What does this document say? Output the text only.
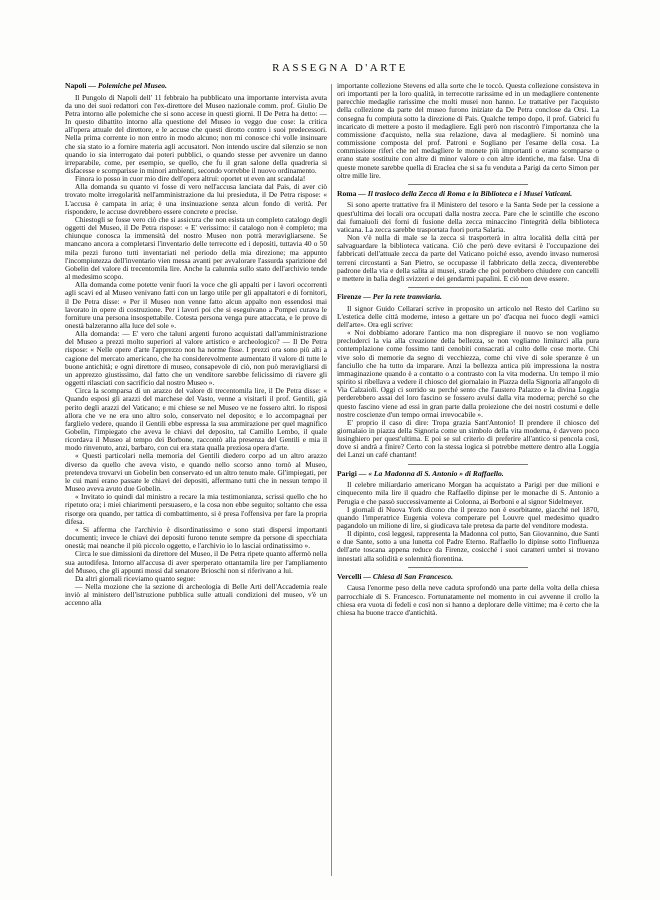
RASSEGNA D'ARTE
Napoli — Polemiche pel Museo.

Il Pungolo di Napoli dell' 11 febbraio ha pubblicato una importante intervista avuta da uno dei suoi redattori con l'ex-direttore del Museo nazionale comm. prof. Giulio De Petra intorno alle polemiche che si sono accese in questi giorni. Il De Petra ha detto: — In questo dibattito intorno alla questione del Museo io veggo due cose: la critica all'opera attuale del direttore, e le accuse che questi dirotto contro i suoi predecessori. Nella prima corrente io non entro in modo alcuno; non mi conosce chi volle insinuare che sia stato io a fornire materia agli accusatori. Non intendo uscire dal silenzio se non quando io sia interrogato dai poteri pubblici, o quando stesse per avvenire un danno irreparabile, come, per esempio, se quello, che fu il gran salone della quadreria si disfacesse e scomparisse in minori ambienti, secondo vorrebbe il nuovo ordinamento.

Finora io posso in cuor mio dire dell'opera altrui: oportet ut even ant scandala!

Alla domanda su quanto vi fosse di vero nell'accusa lanciata dal Pais, di aver ciò trovato molte irregolarità nell'amministrazione da lui presieduta, il De Petra rispose: « L'accusa è campata in aria; è una insinuazione senza alcun fondo di verità. Per rispondere, le accuse dovrebbero essere concrete e precise.

Chiestogli se fosse vero ciò che si assicura che non esista un completo catalogo degli oggetti del Museo, il De Petra rispose: « E' verissimo: il catalogo non è completo; ma chiunque conosca la immensità del nostro Museo non potrà meravigliarsene. Se mancano ancora a completarsi l'inventario delle terrecotte ed i depositi, tuttavia 40 o 50 mila pezzi furono tutti inventariati nel periodo della mia direzione; ma appunto l'incompiutezza dell'inventario vien messa avanti per avvalorare l'assurda sparizione del Gobelin del valore di trecentomila lire. Anche la calunnia sullo stato dell'archivio tende al medesimo scopo.

Alla domanda come potette venir fuori la voce che gli appalti per i lavori occorrenti agli scavi ed al Museo venivano fatti con un largo utile per gli appaltatori e di fornitori, il De Petra disse: « Per il Museo non venne fatto alcun appalto non essendosi mai lavorato in opere di costruzione. Per i lavori poi che si eseguivano a Pompei curava le forniture una persona insospettabile. Cotesta persona venga pure attaccata, e le prove di onestà balzeranno alla luce del sole ».

Alla domanda: — E' vero che taluni argenti furono acquistati dall'amministrazione del Museo a prezzi molto superiori al valore artistico e archeologico? — Il De Petra rispose: « Nelle opere d'arte l'apprezzo non ha norme fisse. I prezzi ora sono più alti a cagione del mercato americano, che ha considerevolmente aumentato il valore di tutte le buone antichità; e ogni direttore di museo, consapevole di ciò, non può meravigliarsi di un apprezzo giustissimo, dal fatto che un venditore sarebbe felicissimo di riavere gli oggetti rilasciati con sacrificio dal nostro Museo ».

Circa la scomparsa di un arazzo del valore di trecentomila lire, il De Petra disse: « Quando esposi gli arazzi del marchese del Vasto, venne a visitarli il prof. Gentili, già perito degli arazzi del Vaticano; e mi chiese se nel Museo ve ne fossero altri. Io risposi allora che ve ne era uno altro solo, conservato nel deposito; e lo accompagnai per farglielo vedere, quando il Gentili ebbe espressa la sua ammirazione per quel magnifico Gobelin, l'impiegato che aveva le chiavi del deposito, tal Camillo Lembo, il quale ricordava il Museo al tempo dei Borbone, raccontò alla presenza del Gentili e mia il modo rinvenuto, anzi, barbaro, con cui era stata qualla preziosa opera d'arte.

« Questi particolari nella memoria del Gentili diedero corpo ad un altro arazzo diverso da quello che aveva visto, e quando nello scorso anno tornò al Museo, pretendeva trovarvi un Gobelin ben conservato ed un altro tenuto male. Gl'impiegati, per le cui mani erano passate le chiavi dei depositi, affermano tutti che in nessun tempo il Museo aveva avuto due Gobelin.

« Invitato io quindi dal ministro a recare la mia testimonianza, scrissi quello che ho ripetuto ora; i miei chiarimenti persuasero, e la cosa non ebbe seguito; soltanto che essa risorge ora quando, per tattica di combattimento, si è presa l'offensiva per fare la propria difesa.

« Si afferma che l'archivio è disordinatissimo e sono stati dispersi importanti documenti; invece le chiavi dei depositi furono tenute sempre da persone di specchiata onestà; mai neanche il più piccolo oggetto, e l'archivio io lo lasciai ordinatissimo ».

Circa le sue dimissioni da direttore del Museo, il De Petra ripete quanto affermò nella sua autodifesa. Intorno all'accusa di aver sperperato ottantamila lire per l'ampliamento del Museo, che gli appunti mossi dal senatore Brioschi non si riferivano a lui.

Da altri giornali riceviamo quanto segue:

— Nella mozione che la sezione di archeologia di Belle Arti dell'Accademia reale inviò al ministero dell'istruzione pubblica sulle attuali condizioni del museo, v'è un accenno alla

importante collezione Stevens ed alla sorte che le toccò. Questa collezione consisteva in ori importanti per la loro qualità, in terrecotte rarissime ed in un medagliere contenente parecchie medaglie rarissime che molti musei non hanno. Le trattative per l'acquisto della collezione da parte del museo furono iniziate da De Petra conclose da Orsi. La consegna fu compiuta sotto la direzione di Pais. Qualche tempo dopo, il prof. Gabrici fu incaricato di mettere a posto il medagliere. Egli però non riscontrò l'importanza che la commissione d'acquisto, nella sua relazione, dava al medagliere. Si nominò una commissione composta del prof. Patroni e Sogliano per l'esame della cosa. La commissione riferì che nel medagliere le monete più importanti o erano scomparse o erano state sostituite con altre di minor valore o con altre identiche, ma false. Una di queste monete sarebbe quella di Eraclea che si sa fu venduta a Parigi da certo Simon per oltre mille lire.

Roma — Il trasloco della Zecca di Roma e la Biblioteca e i Musei Vaticani.

Si sono aperte trattative fra il Ministero del tesoro e la Santa Sede per la cessione a quest'ultima dei locali ora occupati dalla nostra zecca. Pare che le scintille che escono dai fumaiuoli dei forni di fusione della zecca minaccino l'integrità della biblioteca vaticana. La zecca sarebbe trasportata fuori porta Salaria.

Non v'è nulla di male se la zecca si trasporterà in altra località della città per salvaguardare la biblioteca vaticana. Ciò che però deve evitarsi è l'occupazione dei fabbricati dell'attuale zecca da parte del Vaticano poiché esso, avendo invaso numerosi terreni circostanti a San Pietro, se occupasse il fabbricato della zecca, diventerebbe padrone della via e della salita ai musei, strade che poi potrebbero chiudere con cancelli e mettere in balìa degli svizzeri e dei gendarmi papalini. E ciò non deve essere.

Firenze — Per la rete tramviaria.

Il signor Guido Cellarari scrive in proposito un articolo nel Resto del Carlino su L'estetica delle città moderne, inteso a gettare un po' d'acqua nei fuoco degli «amici dell'arte». Ora egli scrive:

« Noi dobbiamo adorare l'antico ma non dispregiare il nuovo se non vogliamo precluderci la via alla creazione della bellezza, se non vogliamo limitarci alla pura contemplazione come fossimo tanti cenobiti consacrati al culto delle cose morte. Chi vive solo di memorie da segno di vecchiezza, come chi vive di sole speranze è un fanciullo che ha tutto da imparare. Anzi la bellezza antica più impressiona la nostra immaginazione quando è a contatto o a contrasto con la vita moderna. Un tempo il mio spirito si ribellava a vedere il chiosco del giornalaio in Piazza della Signoria all'angolo di Via Calzaioli. Oggi ci sorrido su perché sento che l'austero Palazzo e la divina Loggia perderebbero assai del loro fascino se fossero avulsi dalla vita moderna; perché so che questo fascino viene ad essi in gran parte dalla proiezione che dei nostri costumi e delle nostre coscienze d'un tempo ormai irrevocabile ».

E' proprio il caso di dire: Tropa grazia Sant'Antonio! Il prendere il chiosco del giornalaio in piazza della Signoria come un simbolo della vita moderna, è davvero poco lusinghiero per quest'ultima. E poi se sul criterio di preferire all'antico si pencola così, dove si andrà a finire? Certo con la stessa logica si potrebbe mettere dentro alla Loggia dei Lanzi un café chantant!

Parigi — « La Madonna di S. Antonio » di Raffaello.

Il celebre miliardario americano Morgan ha acquistato a Parigi per due milioni e cinquecento mila lire il quadro che Raffaello dipinse per le monache di S. Antonio a Perugia e che passò successivamente ai Colonna, ai Borboni e al signor Sidelmeyer.

I giornali di Nuova York dicono che il prezzo non è esorbitante, giacché nel 1870, quando l'imperatrice Eugenia voleva comperare pel Louvre quel medesimo quadro pagandolo un milione di lire, si giudicava tale pretesa da parte del venditore modesta.

Il dipinto, così leggesi, rappresenta la Madonna col putto, San Giovannino, due Santi e due Sante, sotto a una lunetta col Padre Eterno. Raffaello lo dipinse sotto l'influenza dell'arte toscana appena reduce da Firenze, cosicché i suoi caratteri umbri si trovano innestati alla solidità e solennità fiorentina.

Vercelli — Chiesa di San Francesco.

Causa l'enorme peso della neve caduta sprofondò una parte della volta della chiesa parrocchiale di S. Francesco. Fortunatamente nel momento in cui avvenne il crollo la chiesa era vuota di fedeli e così non si hanno a deplorare delle vittime; ma è certo che la chiesa ha buone tracce d'antichità.
